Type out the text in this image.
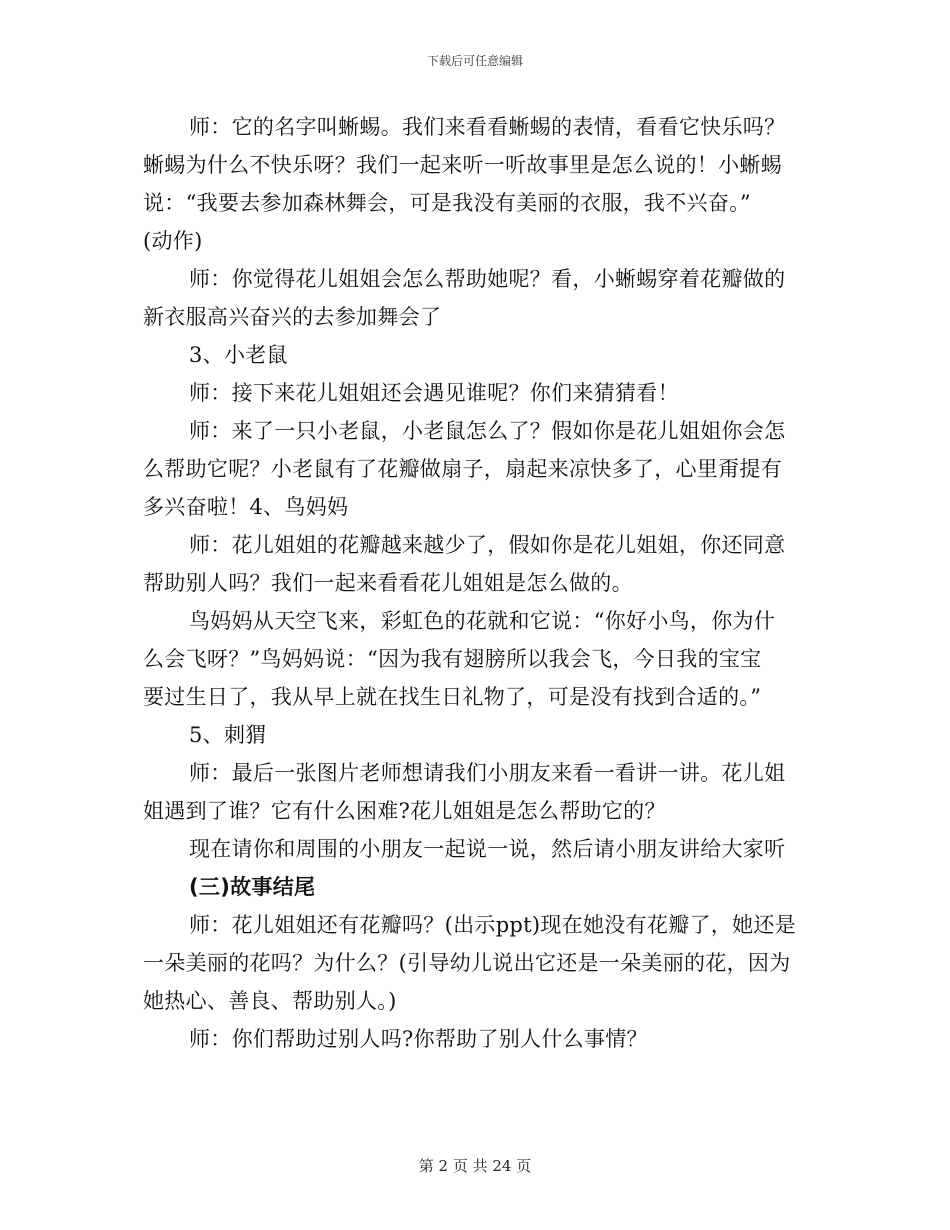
下载后可任意编辑
师：它的名字叫蜥蜴。我们来看看蜥蜴的表情，看看它快乐吗？
蜥蜴为什么不快乐呀？我们一起来听一听故事里是怎么说的！小蜥蜴
说：“我要去参加森林舞会，可是我没有美丽的衣服，我不兴奋。”
(动作)
师：你觉得花儿姐姐会怎么帮助她呢？看，小蜥蜴穿着花瓣做的
新衣服高兴奋兴的去参加舞会了
3、小老鼠
师：接下来花儿姐姐还会遇见谁呢？你们来猜猜看！
师：来了一只小老鼠，小老鼠怎么了？假如你是花儿姐姐你会怎
么帮助它呢？小老鼠有了花瓣做扇子，扇起来凉快多了，心里甭提有
多兴奋啦！4、鸟妈妈
师：花儿姐姐的花瓣越来越少了，假如你是花儿姐姐，你还同意
帮助别人吗？我们一起来看看花儿姐姐是怎么做的。
鸟妈妈从天空飞来，彩虹色的花就和它说：“你好小鸟，你为什
么会飞呀？”鸟妈妈说：“因为我有翅膀所以我会飞，今日我的宝宝
要过生日了，我从早上就在找生日礼物了，可是没有找到合适的。”
5、刺猬
师：最后一张图片老师想请我们小朋友来看一看讲一讲。花儿姐
姐遇到了谁？它有什么困难?花儿姐姐是怎么帮助它的？
现在请你和周围的小朋友一起说一说，然后请小朋友讲给大家听
(三)故事结尾
师：花儿姐姐还有花瓣吗？(出示ppt)现在她没有花瓣了，她还是
一朵美丽的花吗？为什么？(引导幼儿说出它还是一朵美丽的花，因为
她热心、善良、帮助别人。)
师：你们帮助过别人吗?你帮助了别人什么事情？
第 2 页 共 24 页
